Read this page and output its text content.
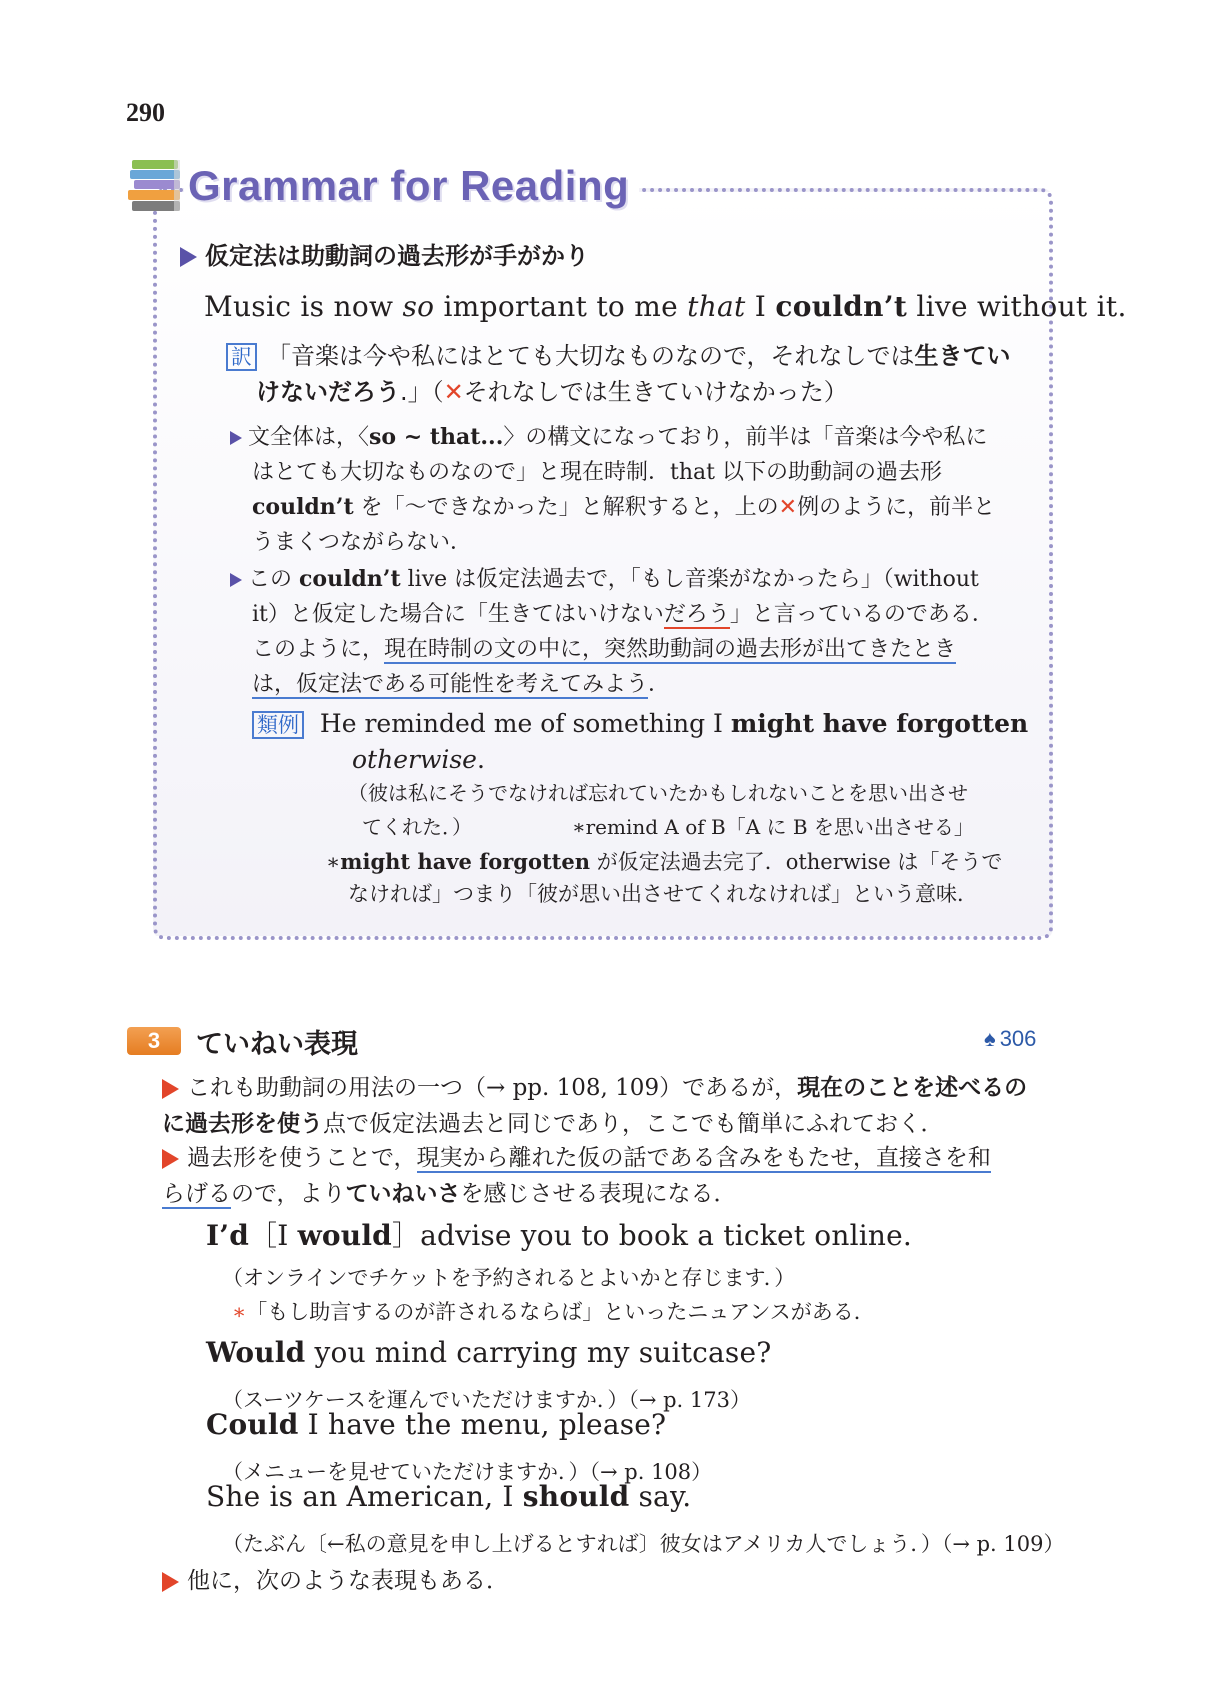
290
Grammar for Reading
仮定法は助動詞の過去形が手がかり
Music is now so important to me that I couldn’t live without it.
訳 「音楽は今や私にはとても大切なものなので，それなしでは生きてい
けないだろう.」（✕それなしでは生きていけなかった）
文全体は，〈so ~ that...〉の構文になっており，前半は「音楽は今や私に
はとても大切なものなので」と現在時制．that 以下の助動詞の過去形
couldn’t を「～できなかった」と解釈すると，上の✕例のように，前半と
うまくつながらない．
この couldn’t live は仮定法過去で，「もし音楽がなかったら」（without
it）と仮定した場合に「生きてはいけないだろう」と言っているのである．
このように，現在時制の文の中に，突然助動詞の過去形が出てきたとき
は，仮定法である可能性を考えてみよう．
類例 He reminded me of something I might have forgotten
otherwise.
（彼は私にそうでなければ忘れていたかもしれないことを思い出させ
てくれた．）	∗remind A of B「A に B を思い出させる」
∗might have forgotten が仮定法過去完了．otherwise は「そうで
なければ」つまり「彼が思い出させてくれなければ」という意味．
3	ていねい表現	♠ 306
これも助動詞の用法の一つ（→ pp. 108, 109）であるが，現在のことを述べるの
に過去形を使う点で仮定法過去と同じであり，ここでも簡単にふれておく．
過去形を使うことで，現実から離れた仮の話である含みをもたせ，直接さを和
らげるので，よりていねいさを感じさせる表現になる．
I’d［I would］advise you to book a ticket online.
（オンラインでチケットを予約されるとよいかと存じます．）
∗「もし助言するのが許されるならば」といったニュアンスがある．
Would you mind carrying my suitcase?
（スーツケースを運んでいただけますか．）（→ p. 173）
Could I have the menu, please?
（メニューを見せていただけますか．）（→ p. 108）
She is an American, I should say.
（たぶん〔←私の意見を申し上げるとすれば〕彼女はアメリカ人でしょう．）（→ p. 109）
他に，次のような表現もある．
